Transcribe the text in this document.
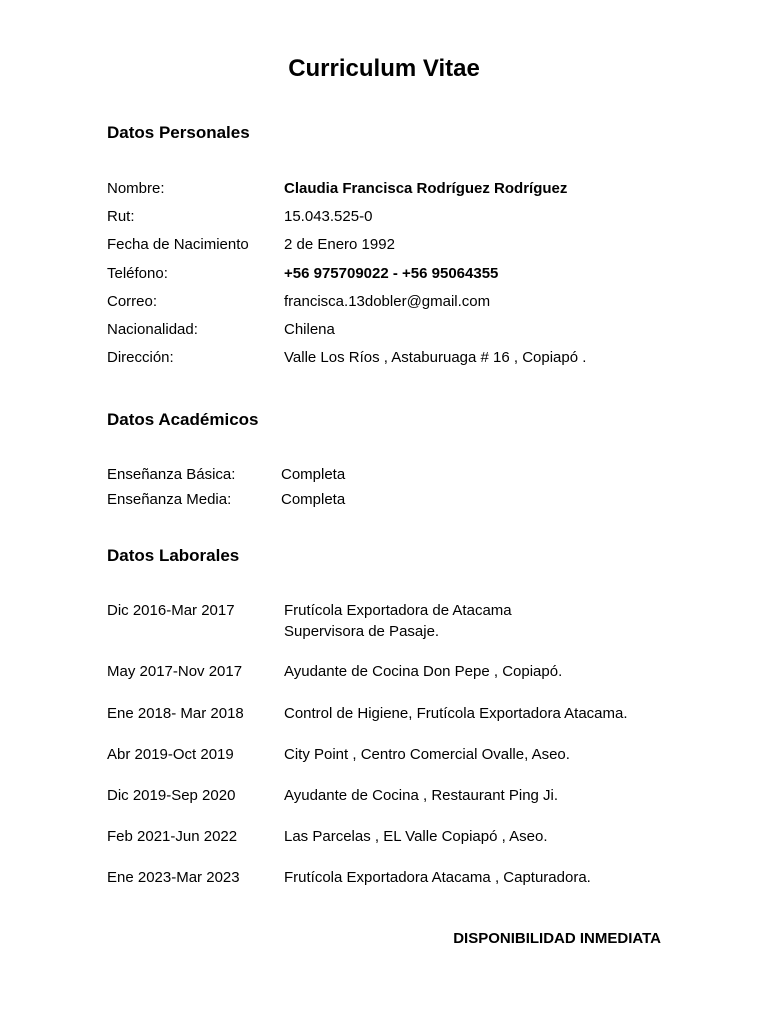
Curriculum Vitae
Datos Personales
Nombre:	Claudia Francisca Rodríguez Rodríguez
Rut:	15.043.525-0
Fecha de Nacimiento 2 de Enero 1992
Teléfono:	+56 975709022 - +56 95064355
Correo:	francisca.13dobler@gmail.com
Nacionalidad:	Chilena
Dirección:	Valle Los Ríos , Astaburuaga # 16 , Copiapó .
Datos Académicos
Enseñanza Básica:	Completa
Enseñanza Media:	Completa
Datos Laborales
Dic 2016-Mar 2017	Frutícola Exportadora de Atacama
Supervisora de Pasaje.
May 2017-Nov 2017	Ayudante de Cocina Don Pepe , Copiapó.
Ene 2018- Mar 2018	Control de Higiene, Frutícola Exportadora Atacama.
Abr 2019-Oct 2019	City Point , Centro Comercial Ovalle, Aseo.
Dic 2019-Sep 2020	Ayudante de Cocina , Restaurant Ping Ji.
Feb 2021-Jun 2022	Las Parcelas , EL Valle Copiapó , Aseo.
Ene 2023-Mar 2023	Frutícola Exportadora Atacama , Capturadora.
DISPONIBILIDAD INMEDIATA
